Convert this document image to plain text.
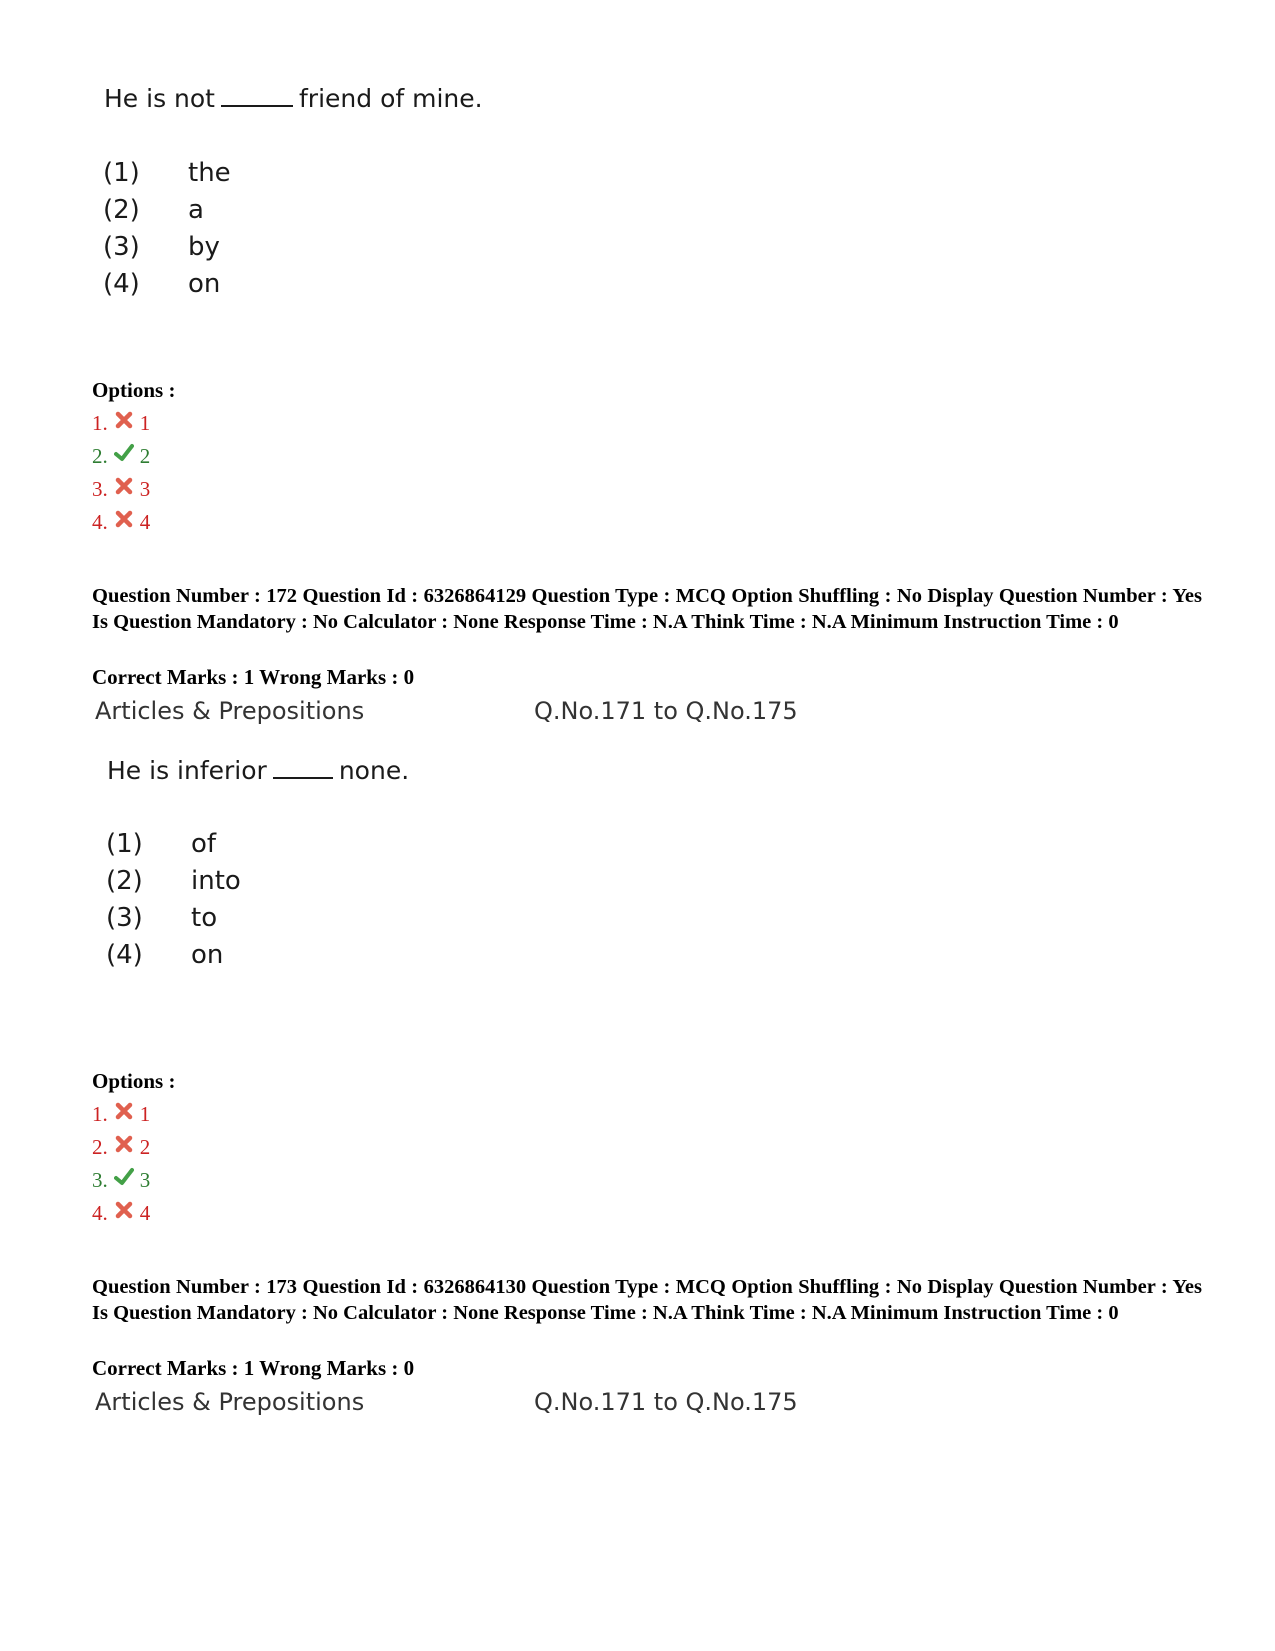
He is not	friend of mine.
(1) the
(2) a
(3) by
(4) on
Options :
1. 1
2. 2
3. 3
4. 4
Question Number : 172 Question Id : 6326864129 Question Type : MCQ Option Shuffling : No Display Question Number : Yes Is Question Mandatory : No Calculator : None Response Time : N.A Think Time : N.A Minimum Instruction Time : 0
Correct Marks : 1 Wrong Marks : 0
Articles & Prepositions	Q.No.171 to Q.No.175
He is inferior	none.
(1) of
(2) into
(3) to
(4) on
Options :
1. 1
2. 2
3. 3
4. 4
Question Number : 173 Question Id : 6326864130 Question Type : MCQ Option Shuffling : No Display Question Number : Yes Is Question Mandatory : No Calculator : None Response Time : N.A Think Time : N.A Minimum Instruction Time : 0
Correct Marks : 1 Wrong Marks : 0
Articles & Prepositions	Q.No.171 to Q.No.175
